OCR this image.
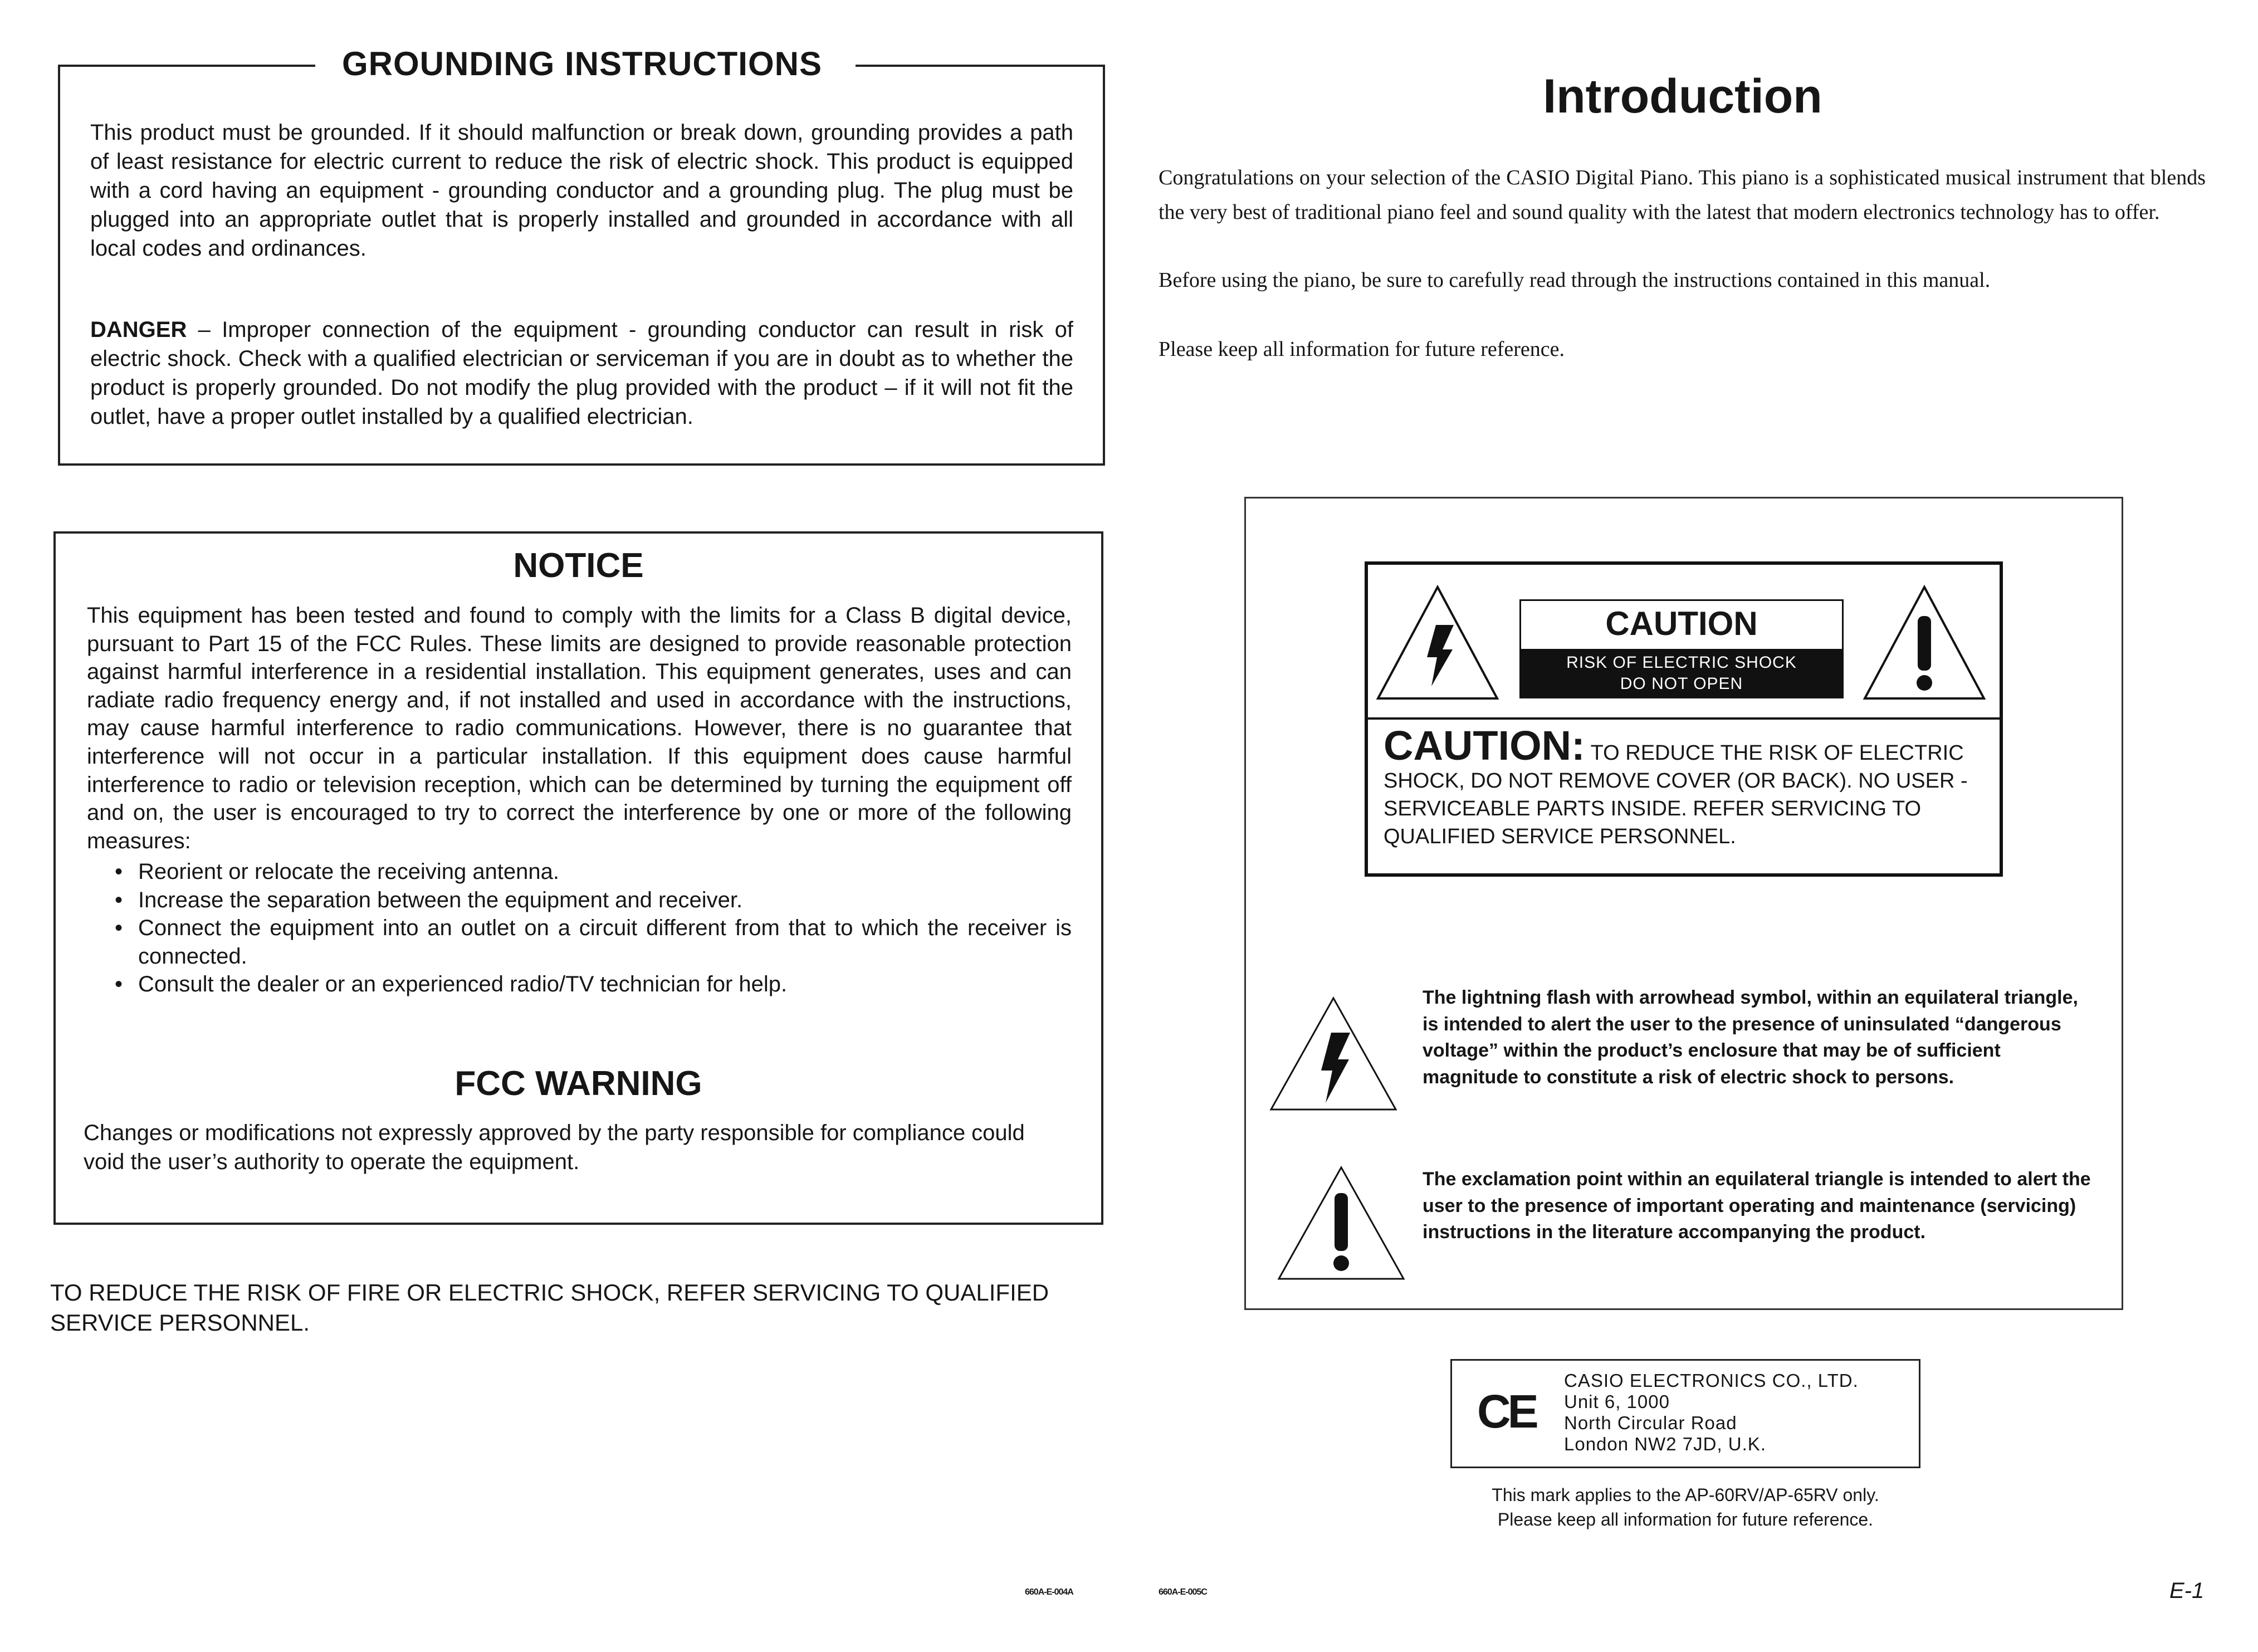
GROUNDING INSTRUCTIONS
This product must be grounded. If it should malfunction or break down, grounding provides a path of least resistance for electric current to reduce the risk of electric shock. This product is equipped with a cord having an equipment - grounding conductor and a grounding plug. The plug must be plugged into an appropriate outlet that is properly installed and grounded in accordance with all local codes and ordinances.
DANGER – Improper connection of the equipment - grounding conductor can result in risk of electric shock. Check with a qualified electrician or serviceman if you are in doubt as to whether the product is properly grounded. Do not modify the plug provided with the product – if it will not fit the outlet, have a proper outlet installed by a qualified electrician.
NOTICE
This equipment has been tested and found to comply with the limits for a Class B digital device, pursuant to Part 15 of the FCC Rules. These limits are designed to provide reasonable protection against harmful interference in a residential installation. This equipment generates, uses and can radiate radio frequency energy and, if not installed and used in accordance with the instructions, may cause harmful interference to radio communications. However, there is no guarantee that interference will not occur in a particular installation. If this equipment does cause harmful interference to radio or television reception, which can be determined by turning the equipment off and on, the user is encouraged to try to correct the interference by one or more of the following measures:
• Reorient or relocate the receiving antenna.
• Increase the separation between the equipment and receiver.
• Connect the equipment into an outlet on a circuit different from that to which the receiver is connected.
• Consult the dealer or an experienced radio/TV technician for help.
FCC WARNING
Changes or modifications not expressly approved by the party responsible for compliance could void the user’s authority to operate the equipment.
TO REDUCE THE RISK OF FIRE OR ELECTRIC SHOCK, REFER SERVICING TO QUALIFIED SERVICE PERSONNEL.
660A-E-004A
Introduction
Congratulations on your selection of the CASIO Digital Piano. This piano is a sophisticated musical instrument that blends the very best of traditional piano feel and sound quality with the latest that modern electronics technology has to offer.
Before using the piano, be sure to carefully read through the instructions contained in this manual.
Please keep all information for future reference.
CAUTION
RISK OF ELECTRIC SHOCK
DO NOT OPEN
CAUTION: TO REDUCE THE RISK OF ELECTRIC SHOCK, DO NOT REMOVE COVER (OR BACK). NO USER -SERVICEABLE PARTS INSIDE. REFER SERVICING TO QUALIFIED SERVICE PERSONNEL.
The lightning flash with arrowhead symbol, within an equilateral triangle, is intended to alert the user to the presence of uninsulated “dangerous voltage” within the product’s enclosure that may be of sufficient magnitude to constitute a risk of electric shock to persons.
The exclamation point within an equilateral triangle is intended to alert the user to the presence of important operating and maintenance (servicing) instructions in the literature accompanying the product.
CE
CASIO ELECTRONICS CO., LTD.
Unit 6, 1000
North Circular Road
London NW2 7JD, U.K.
This mark applies to the AP-60RV/AP-65RV only.
Please keep all information for future reference.
660A-E-005C	E-1
